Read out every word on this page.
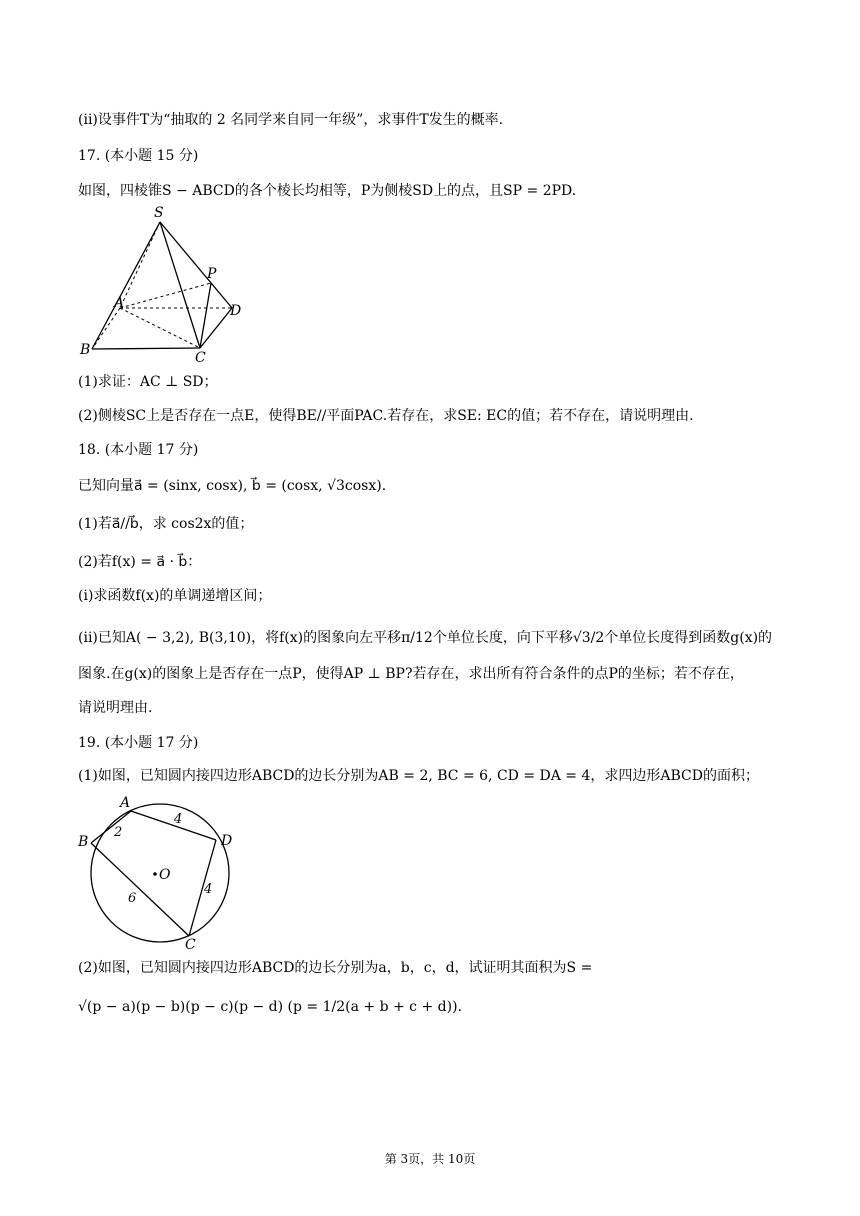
(ii)设事件T为“抽取的 2 名同学来自同一年级”，求事件T发生的概率.
17. (本小题 15 分)
如图，四棱锥S − ABCD的各个棱长均相等，P为侧棱SD上的点，且SP = 2PD.
S
P
A	D
B	C
(1)求证：AC ⊥ SD；
(2)侧棱SC上是否存在一点E，使得BE//平面PAC.若存在，求SE: EC的值；若不存在，请说明理由.
18. (本小题 17 分)
已知向量a⃗ = (sinx, cosx), b⃗ = (cosx, √3cosx).
(1)若a⃗//b⃗，求 cos2x的值；
(2)若f(x) = a⃗ · b⃗：
(i)求函数f(x)的单调递增区间；
(ii)已知A( − 3,2), B(3,10)，将f(x)的图象向左平移π/12个单位长度，向下平移√3/2个单位长度得到函数g(x)的
图象.在g(x)的图象上是否存在一点P，使得AP ⊥ BP?若存在，求出所有符合条件的点P的坐标；若不存在，
请说明理由.
19. (本小题 17 分)
(1)如图，已知圆内接四边形ABCD的边长分别为AB = 2, BC = 6, CD = DA = 4，求四边形ABCD的面积；
A
B
C
D
O
2
4
6
4
(2)如图，已知圆内接四边形ABCD的边长分别为a，b，c，d，试证明其面积为S =
√(p − a)(p − b)(p − c)(p − d) (p = 1/2(a + b + c + d)).
第 3页，共 10页
